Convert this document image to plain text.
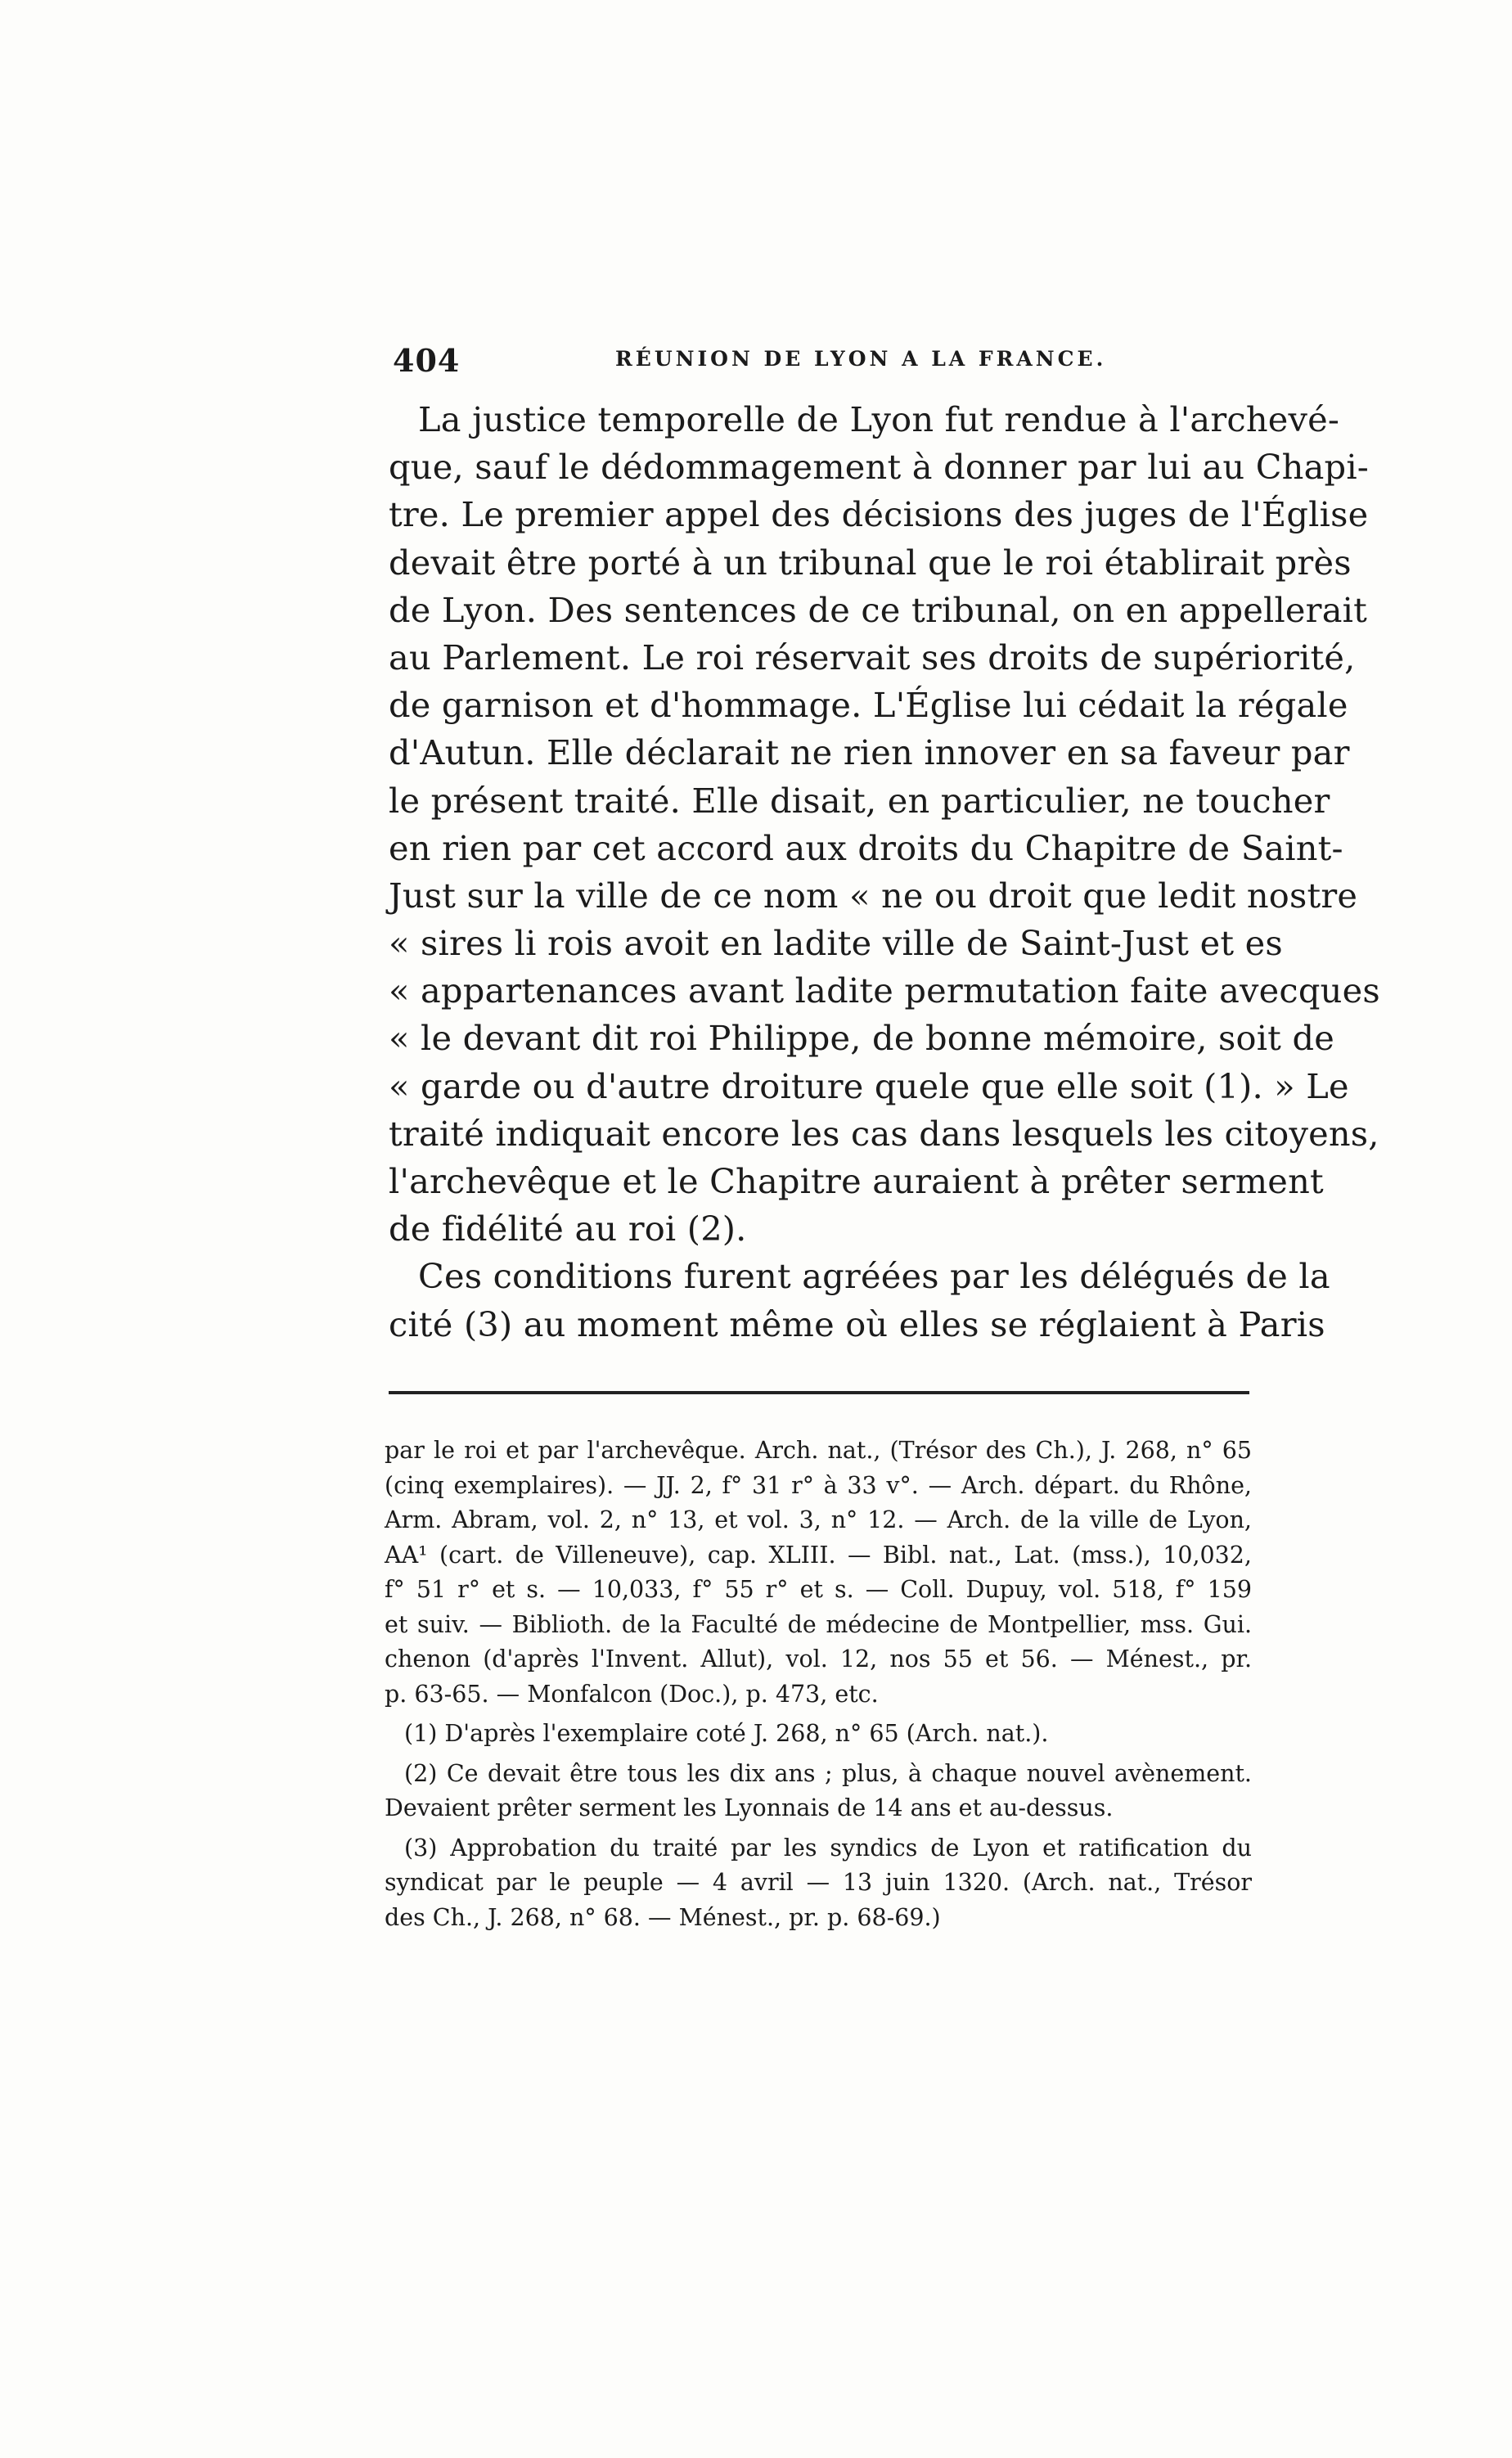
404	RÉUNION DE LYON A LA FRANCE.
La justice temporelle de Lyon fut rendue à l'archevé-
que, sauf le dédommagement à donner par lui au Chapi-
tre. Le premier appel des décisions des juges de l'Église
devait être porté à un tribunal que le roi établirait près
de Lyon. Des sentences de ce tribunal, on en appellerait
au Parlement. Le roi réservait ses droits de supériorité,
de garnison et d'hommage. L'Église lui cédait la régale
d'Autun. Elle déclarait ne rien innover en sa faveur par
le présent traité. Elle disait, en particulier, ne toucher
en rien par cet accord aux droits du Chapitre de Saint-
Just sur la ville de ce nom « ne ou droit que ledit nostre
« sires li rois avoit en ladite ville de Saint-Just et es
« appartenances avant ladite permutation faite avecques
« le devant dit roi Philippe, de bonne mémoire, soit de
« garde ou d'autre droiture quele que elle soit (1). » Le
traité indiquait encore les cas dans lesquels les citoyens,
l'archevêque et le Chapitre auraient à prêter serment
de fidélité au roi (2).
Ces conditions furent agréées par les délégués de la
cité (3) au moment même où elles se réglaient à Paris
par le roi et par l'archevêque. Arch. nat., (Trésor des Ch.), J. 268, n° 65
(cinq exemplaires). — JJ. 2, f° 31 r° à 33 v°. — Arch. départ. du Rhône,
Arm. Abram, vol. 2, n° 13, et vol. 3, n° 12. — Arch. de la ville de Lyon,
AA¹ (cart. de Villeneuve), cap. XLIII. — Bibl. nat., Lat. (mss.), 10,032,
f° 51 r° et s. — 10,033, f° 55 r° et s. — Coll. Dupuy, vol. 518, f° 159
et suiv. — Biblioth. de la Faculté de médecine de Montpellier, mss. Gui.
chenon (d'après l'Invent. Allut), vol. 12, nos 55 et 56. — Ménest., pr.
p. 63-65. — Monfalcon (Doc.), p. 473, etc.
(1) D'après l'exemplaire coté J. 268, n° 65 (Arch. nat.).
(2) Ce devait être tous les dix ans ; plus, à chaque nouvel avènement.
Devaient prêter serment les Lyonnais de 14 ans et au-dessus.
(3) Approbation du traité par les syndics de Lyon et ratification du
syndicat par le peuple — 4 avril — 13 juin 1320. (Arch. nat., Trésor
des Ch., J. 268, n° 68. — Ménest., pr. p. 68-69.)
